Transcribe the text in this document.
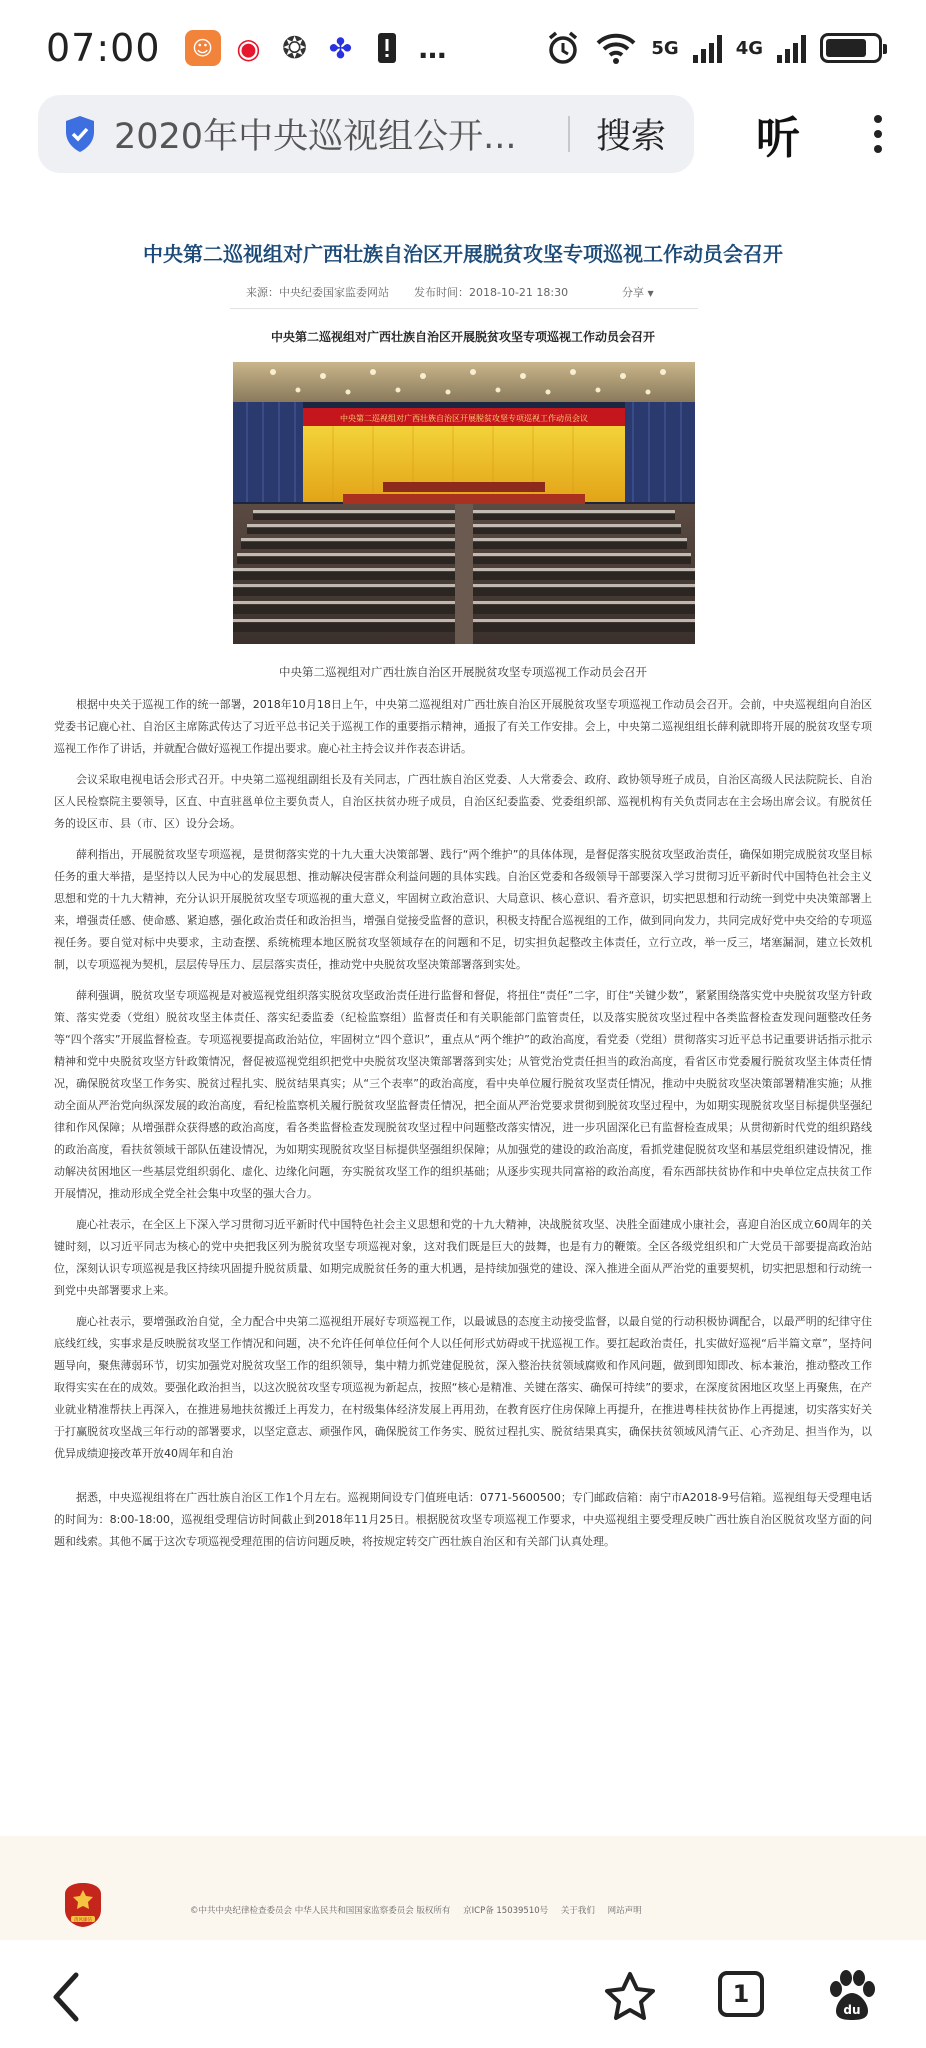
07:00	☺ ◉ ❂ ✤ …	5G	4G
2020年中央巡视组公开...	搜索 听
中央第二巡视组对广西壮族自治区开展脱贫攻坚专项巡视工作动员会召开
来源：中央纪委国家监委网站 发布时间：2018-10-21 18:30	分享 ▼
中央第二巡视组对广西壮族自治区开展脱贫攻坚专项巡视工作动员会召开
中央第二巡视组对广西壮族自治区开展脱贫攻坚专项巡视工作动员会议
中央第二巡视组对广西壮族自治区开展脱贫攻坚专项巡视工作动员会召开

根据中央关于巡视工作的统一部署，2018年10月18日上午，中央第二巡视组对广西壮族自治区开展脱贫攻坚专项巡视工作动员会召开。会前，中央巡视组向自治区党委书记鹿心社、自治区主席陈武传达了习近平总书记关于巡视工作的重要指示精神，通报了有关工作安排。会上，中央第二巡视组组长薛利就即将开展的脱贫攻坚专项巡视工作作了讲话，并就配合做好巡视工作提出要求。鹿心社主持会议并作表态讲话。

会议采取电视电话会形式召开。中央第二巡视组副组长及有关同志，广西壮族自治区党委、人大常委会、政府、政协领导班子成员，自治区高级人民法院院长、自治区人民检察院主要领导，区直、中直驻邕单位主要负责人，自治区扶贫办班子成员，自治区纪委监委、党委组织部、巡视机构有关负责同志在主会场出席会议。有脱贫任务的设区市、县（市、区）设分会场。

薛利指出，开展脱贫攻坚专项巡视，是贯彻落实党的十九大重大决策部署、践行“两个维护”的具体体现，是督促落实脱贫攻坚政治责任，确保如期完成脱贫攻坚目标任务的重大举措，是坚持以人民为中心的发展思想、推动解决侵害群众利益问题的具体实践。自治区党委和各级领导干部要深入学习贯彻习近平新时代中国特色社会主义思想和党的十九大精神，充分认识开展脱贫攻坚专项巡视的重大意义，牢固树立政治意识、大局意识、核心意识、看齐意识，切实把思想和行动统一到党中央决策部署上来，增强责任感、使命感、紧迫感，强化政治责任和政治担当，增强自觉接受监督的意识，积极支持配合巡视组的工作，做到同向发力，共同完成好党中央交给的专项巡视任务。要自觉对标中央要求，主动查摆、系统梳理本地区脱贫攻坚领域存在的问题和不足，切实担负起整改主体责任，立行立改，举一反三，堵塞漏洞，建立长效机制，以专项巡视为契机，层层传导压力、层层落实责任，推动党中央脱贫攻坚决策部署落到实处。

薛利强调，脱贫攻坚专项巡视是对被巡视党组织落实脱贫攻坚政治责任进行监督和督促，将扭住“责任”二字，盯住“关键少数”，紧紧围绕落实党中央脱贫攻坚方针政策、落实党委（党组）脱贫攻坚主体责任、落实纪委监委（纪检监察组）监督责任和有关职能部门监管责任，以及落实脱贫攻坚过程中各类监督检查发现问题整改任务等“四个落实”开展监督检查。专项巡视要提高政治站位，牢固树立“四个意识”，重点从“两个维护”的政治高度，看党委（党组）贯彻落实习近平总书记重要讲话指示批示精神和党中央脱贫攻坚方针政策情况，督促被巡视党组织把党中央脱贫攻坚决策部署落到实处；从管党治党责任担当的政治高度，看省区市党委履行脱贫攻坚主体责任情况，确保脱贫攻坚工作务实、脱贫过程扎实、脱贫结果真实；从“三个表率”的政治高度，看中央单位履行脱贫攻坚责任情况，推动中央脱贫攻坚决策部署精准实施；从推动全面从严治党向纵深发展的政治高度，看纪检监察机关履行脱贫攻坚监督责任情况，把全面从严治党要求贯彻到脱贫攻坚过程中，为如期实现脱贫攻坚目标提供坚强纪律和作风保障；从增强群众获得感的政治高度，看各类监督检查发现脱贫攻坚过程中问题整改落实情况，进一步巩固深化已有监督检查成果；从贯彻新时代党的组织路线的政治高度，看扶贫领域干部队伍建设情况，为如期实现脱贫攻坚目标提供坚强组织保障；从加强党的建设的政治高度，看抓党建促脱贫攻坚和基层党组织建设情况，推动解决贫困地区一些基层党组织弱化、虚化、边缘化问题，夯实脱贫攻坚工作的组织基础；从逐步实现共同富裕的政治高度，看东西部扶贫协作和中央单位定点扶贫工作开展情况，推动形成全党全社会集中攻坚的强大合力。

鹿心社表示，在全区上下深入学习贯彻习近平新时代中国特色社会主义思想和党的十九大精神，决战脱贫攻坚、决胜全面建成小康社会，喜迎自治区成立60周年的关键时刻，以习近平同志为核心的党中央把我区列为脱贫攻坚专项巡视对象，这对我们既是巨大的鼓舞，也是有力的鞭策。全区各级党组织和广大党员干部要提高政治站位，深刻认识专项巡视是我区持续巩固提升脱贫质量、如期完成脱贫任务的重大机遇，是持续加强党的建设、深入推进全面从严治党的重要契机，切实把思想和行动统一到党中央部署要求上来。

鹿心社表示，要增强政治自觉，全力配合中央第二巡视组开展好专项巡视工作，以最诚恳的态度主动接受监督，以最自觉的行动积极协调配合，以最严明的纪律守住底线红线，实事求是反映脱贫攻坚工作情况和问题，决不允许任何单位任何个人以任何形式妨碍或干扰巡视工作。要扛起政治责任，扎实做好巡视“后半篇文章”，坚持问题导向，聚焦薄弱环节，切实加强党对脱贫攻坚工作的组织领导，集中精力抓党建促脱贫，深入整治扶贫领域腐败和作风问题，做到即知即改、标本兼治，推动整改工作取得实实在在的成效。要强化政治担当，以这次脱贫攻坚专项巡视为新起点，按照“核心是精准、关键在落实、确保可持续”的要求，在深度贫困地区攻坚上再聚焦，在产业就业精准帮扶上再深入，在推进易地扶贫搬迁上再发力，在村级集体经济发展上再用劲，在教育医疗住房保障上再提升，在推进粤桂扶贫协作上再提速，切实落实好关于打赢脱贫攻坚战三年行动的部署要求，以坚定意志、顽强作风，确保脱贫工作务实、脱贫过程扎实、脱贫结果真实，确保扶贫领域风清气正、心齐劲足、担当作为，以优异成绩迎接改革开放40周年和自治

据悉，中央巡视组将在广西壮族自治区工作1个月左右。巡视期间设专门值班电话：0771-5600500；专门邮政信箱：南宁市A2018-9号信箱。巡视组每天受理电话的时间为：8:00-18:00，巡视组受理信访时间截止到2018年11月25日。根据脱贫攻坚专项巡视工作要求，中央巡视组主要受理反映广西壮族自治区脱贫攻坚方面的问题和线索。其他不属于这次专项巡视受理范围的信访问题反映，将按规定转交广西壮族自治区和有关部门认真处理。

清风廉洁
©中共中央纪律检查委员会 中华人民共和国国家监察委员会 版权所有 京ICP备 15039510号 关于我们 网站声明
1
du
